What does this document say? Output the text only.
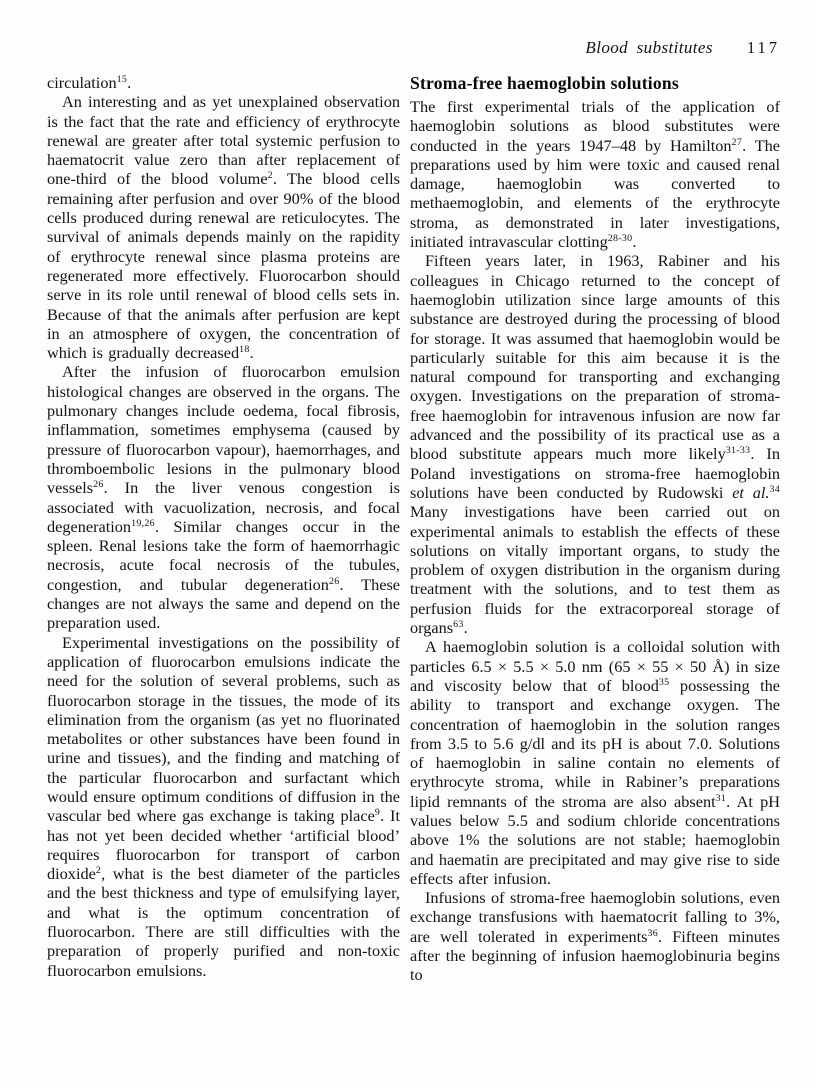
Blood substitutes 117

circulation$^{15}$.

An interesting and as yet unexplained observation is the fact that the rate and efficiency of erythrocyte renewal are greater after total systemic perfusion to haematocrit value zero than after replacement of one-third of the blood volume$^2$. The blood cells remaining after perfusion and over 90% of the blood cells produced during renewal are reticulocytes. The survival of animals depends mainly on the rapidity of erythrocyte renewal since plasma proteins are regenerated more effectively. Fluorocarbon should serve in its role until renewal of blood cells sets in. Because of that the animals after perfusion are kept in an atmosphere of oxygen, the concentration of which is gradually decreased$^{18}$.

After the infusion of fluorocarbon emulsion histological changes are observed in the organs. The pulmonary changes include oedema, focal fibrosis, inflammation, sometimes emphysema (caused by pressure of fluorocarbon vapour), haemorrhages, and thromboembolic lesions in the pulmonary blood vessels$^{26}$. In the liver venous congestion is associated with vacuolization, necrosis, and focal degeneration$^{19,26}$. Similar changes occur in the spleen. Renal lesions take the form of haemorrhagic necrosis, acute focal necrosis of the tubules, congestion, and tubular degeneration$^{26}$. These changes are not always the same and depend on the preparation used.

Experimental investigations on the possibility of application of fluorocarbon emulsions indicate the need for the solution of several problems, such as fluorocarbon storage in the tissues, the mode of its elimination from the organism (as yet no fluorinated metabolites or other substances have been found in urine and tissues), and the finding and matching of the particular fluorocarbon and surfactant which would ensure optimum conditions of diffusion in the vascular bed where gas exchange is taking place$^9$. It has not yet been decided whether ‘artificial blood’ requires fluorocarbon for transport of carbon dioxide$^2$, what is the best diameter of the particles and the best thickness and type of emulsifying layer, and what is the optimum concentration of fluorocarbon. There are still difficulties with the preparation of properly purified and non-toxic fluorocarbon emulsions.

Stroma-free haemoglobin solutions

The first experimental trials of the application of haemoglobin solutions as blood substitutes were conducted in the years 1947–48 by Hamilton$^{27}$. The preparations used by him were toxic and caused renal damage, haemoglobin was converted to methaemoglobin, and elements of the erythrocyte stroma, as demonstrated in later investigations, initiated intravascular clotting$^{28-30}$.

Fifteen years later, in 1963, Rabiner and his colleagues in Chicago returned to the concept of haemoglobin utilization since large amounts of this substance are destroyed during the processing of blood for storage. It was assumed that haemoglobin would be particularly suitable for this aim because it is the natural compound for transporting and exchanging oxygen. Investigations on the preparation of stroma-free haemoglobin for intravenous infusion are now far advanced and the possibility of its practical use as a blood substitute appears much more likely$^{31-33}$. In Poland investigations on stroma-free haemoglobin solutions have been conducted by Rudowski et al.$^{34}$ Many investigations have been carried out on experimental animals to establish the effects of these solutions on vitally important organs, to study the problem of oxygen distribution in the organism during treatment with the solutions, and to test them as perfusion fluids for the extracorporeal storage of organs$^{63}$.

A haemoglobin solution is a colloidal solution with particles 6.5 × 5.5 × 5.0 nm (65 × 55 × 50 Å) in size and viscosity below that of blood$^{35}$ possessing the ability to transport and exchange oxygen. The concentration of haemoglobin in the solution ranges from 3.5 to 5.6 g/dl and its pH is about 7.0. Solutions of haemoglobin in saline contain no elements of erythrocyte stroma, while in Rabiner’s preparations lipid remnants of the stroma are also absent$^{31}$. At pH values below 5.5 and sodium chloride concentrations above 1% the solutions are not stable; haemoglobin and haematin are precipitated and may give rise to side effects after infusion.

Infusions of stroma-free haemoglobin solutions, even exchange transfusions with haematocrit falling to 3%, are well tolerated in experiments$^{36}$. Fifteen minutes after the beginning of infusion haemoglobinuria begins to
